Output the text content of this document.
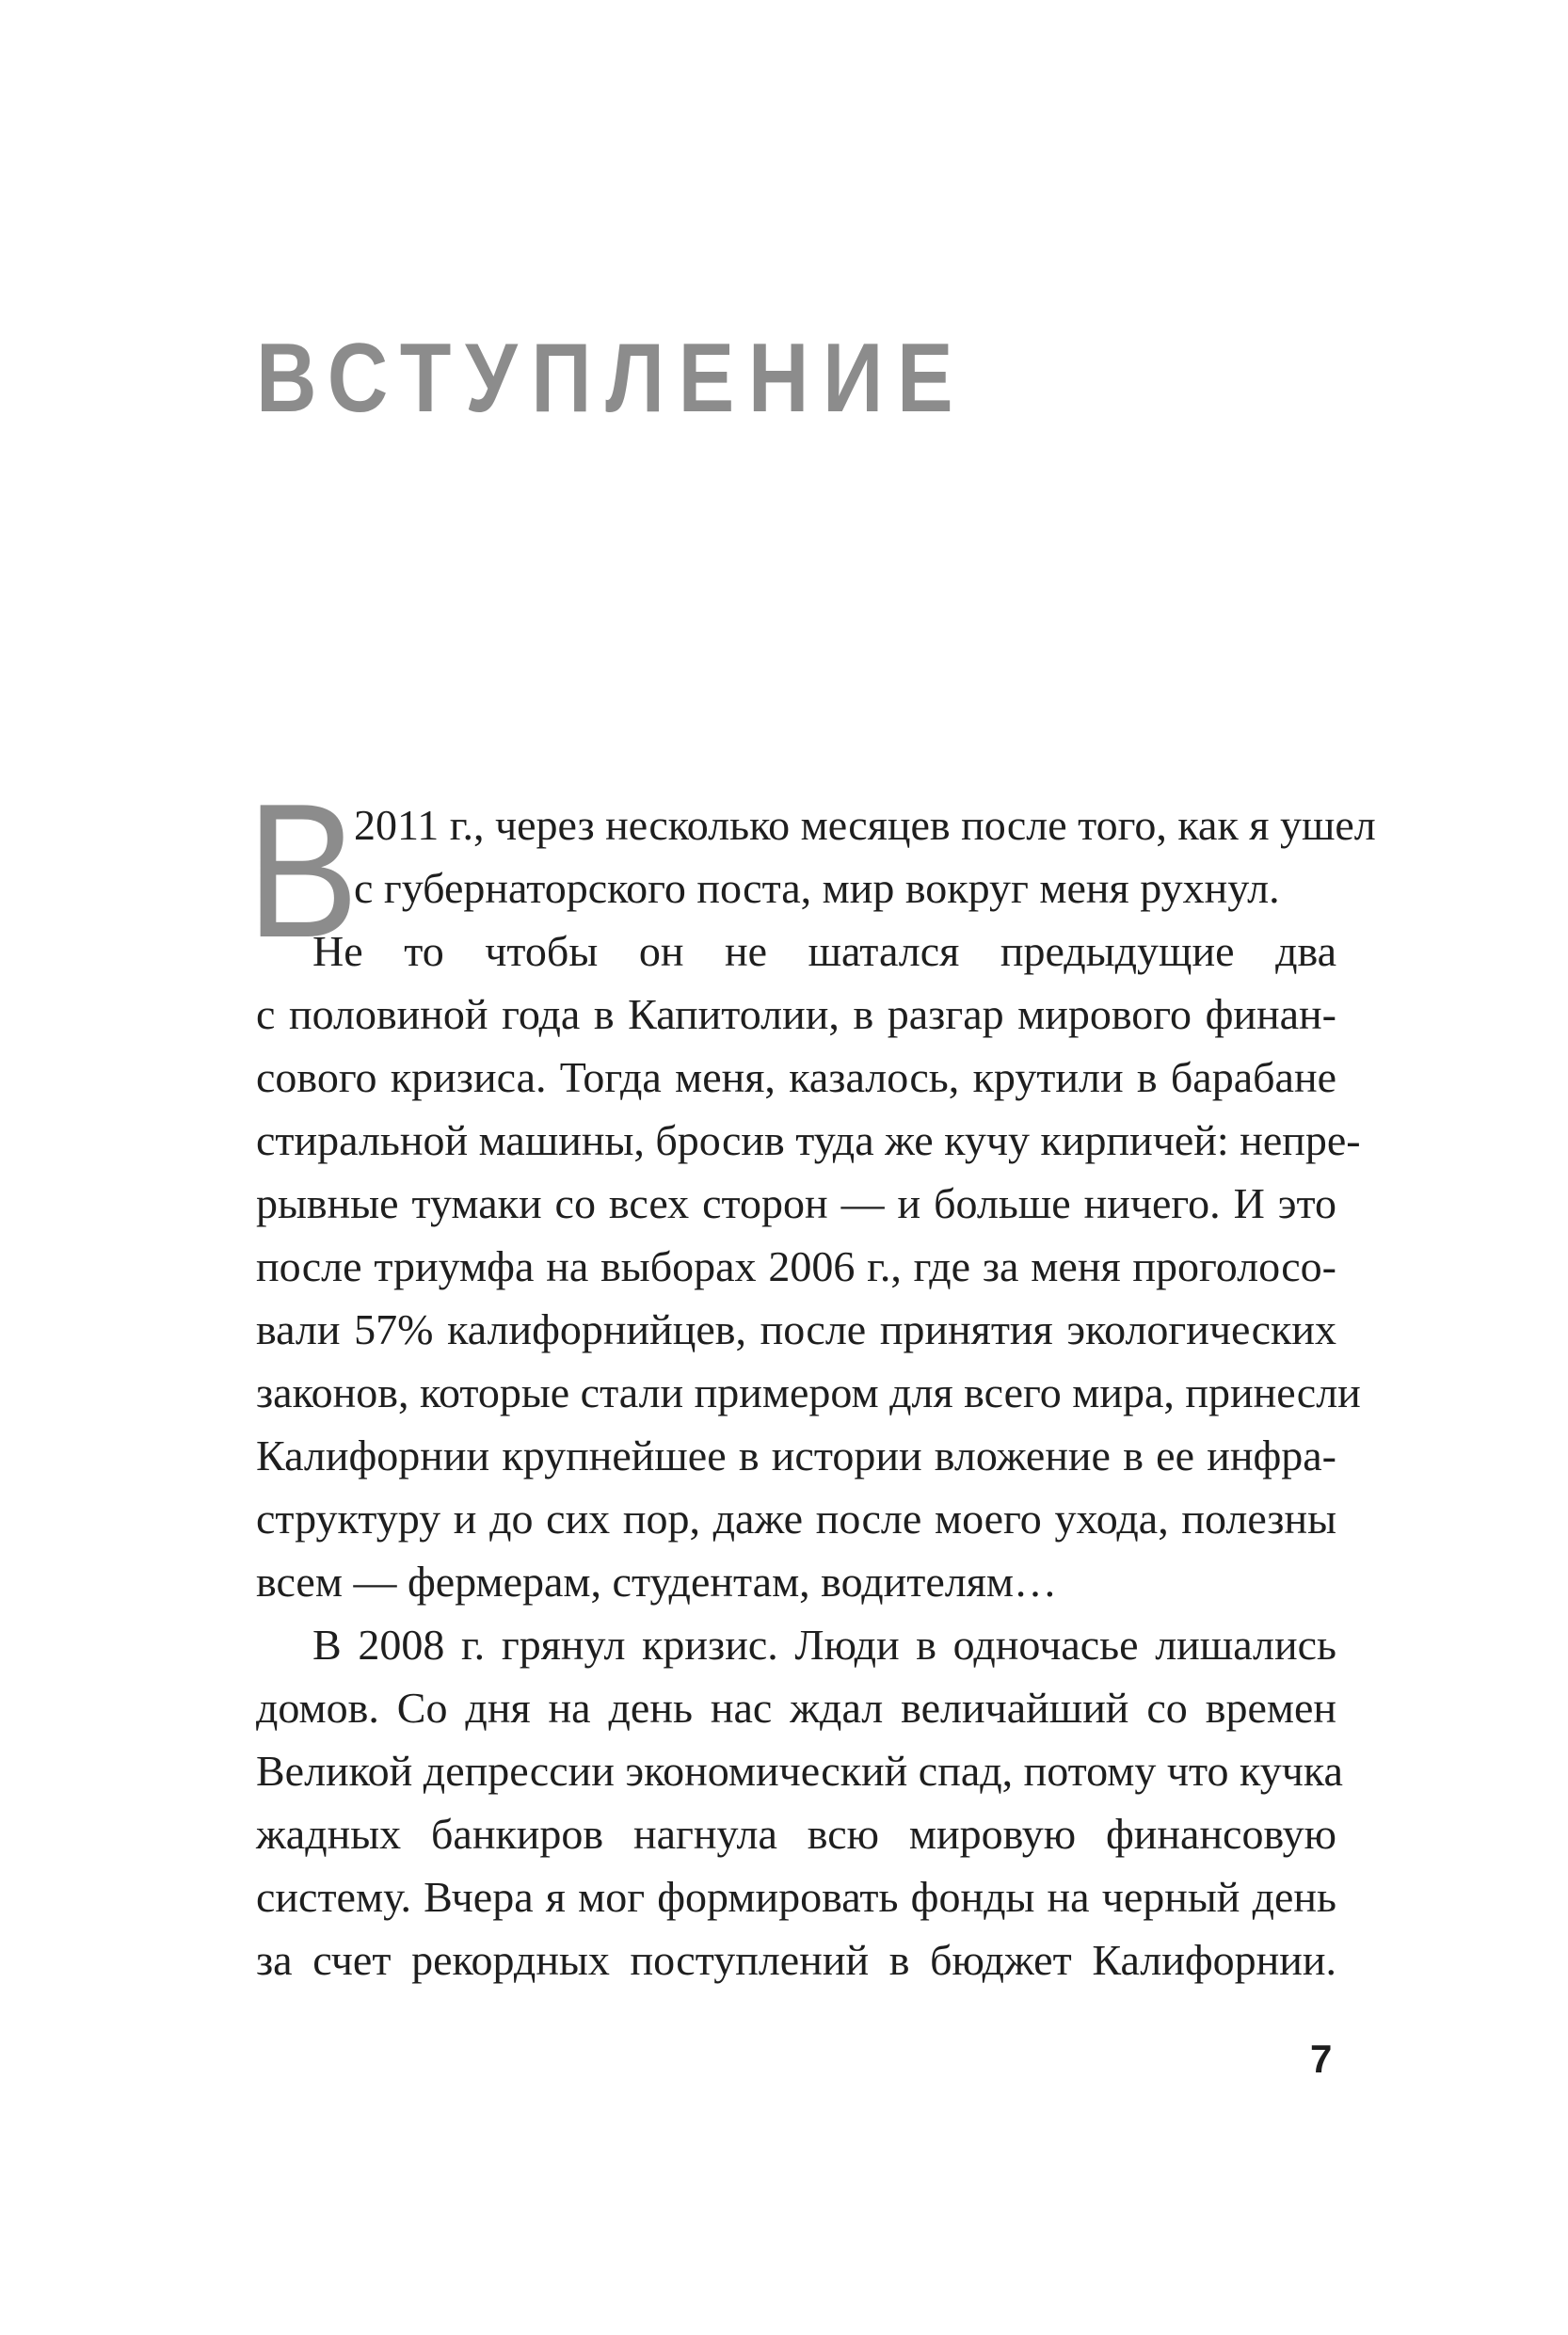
ВСТУПЛЕНИЕ
В
2011 г., через несколько месяцев после того, как я ушел
с губернаторского поста, мир вокруг меня рухнул.
Не то чтобы он не шатался предыдущие два
с половиной года в Капитолии, в разгар мирового финан-
сового кризиса. Тогда меня, казалось, крутили в барабане
стиральной машины, бросив туда же кучу кирпичей: непре-
рывные тумаки со всех сторон — и больше ничего. И это
после триумфа на выборах 2006 г., где за меня проголосо-
вали 57% калифорнийцев, после принятия экологических
законов, которые стали примером для всего мира, принесли
Калифорнии крупнейшее в истории вложение в ее инфра-
структуру и до сих пор, даже после моего ухода, полезны
всем — фермерам, студентам, водителям…
В 2008 г. грянул кризис. Люди в одночасье лишались
домов. Со дня на день нас ждал величайший со времен
Великой депрессии экономический спад, потому что кучка
жадных банкиров нагнула всю мировую финансовую
систему. Вчера я мог формировать фонды на черный день
за счет рекордных поступлений в бюджет Калифорнии.
7
